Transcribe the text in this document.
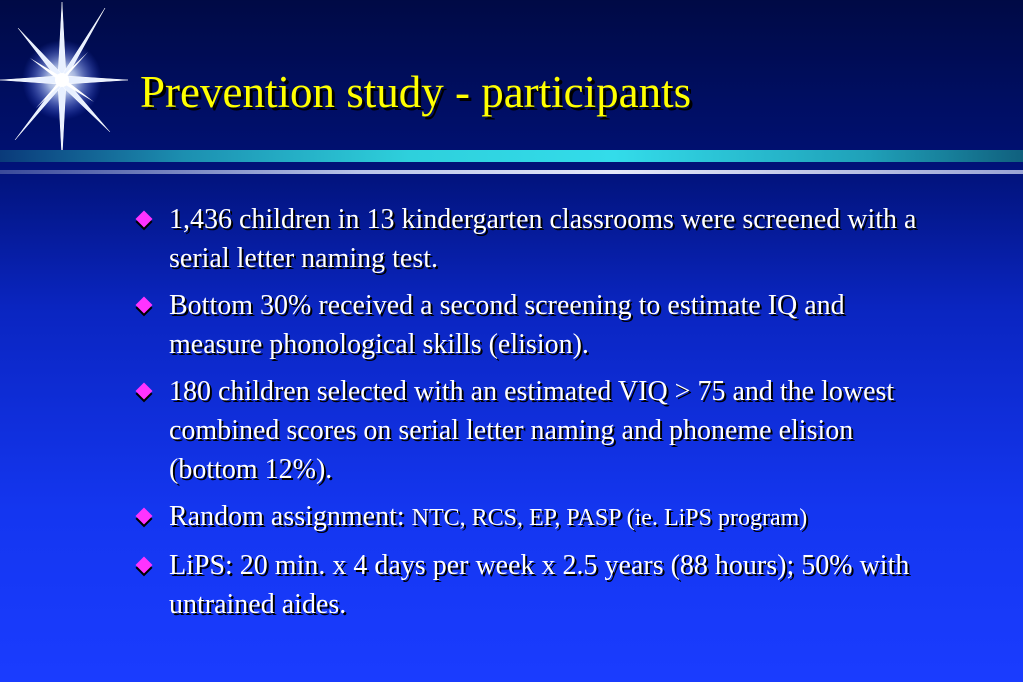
Prevention study - participants
1,436 children in 13 kindergarten classrooms were screened with a serial letter naming test.
Bottom 30% received a second screening to estimate IQ and measure phonological skills (elision).
180 children selected with an estimated VIQ > 75 and the lowest combined scores on serial letter naming and phoneme elision (bottom 12%).
Random assignment: NTC, RCS, EP, PASP (ie. LiPS program)
LiPS: 20 min. x 4 days per week x 2.5 years (88 hours); 50% with untrained aides.
